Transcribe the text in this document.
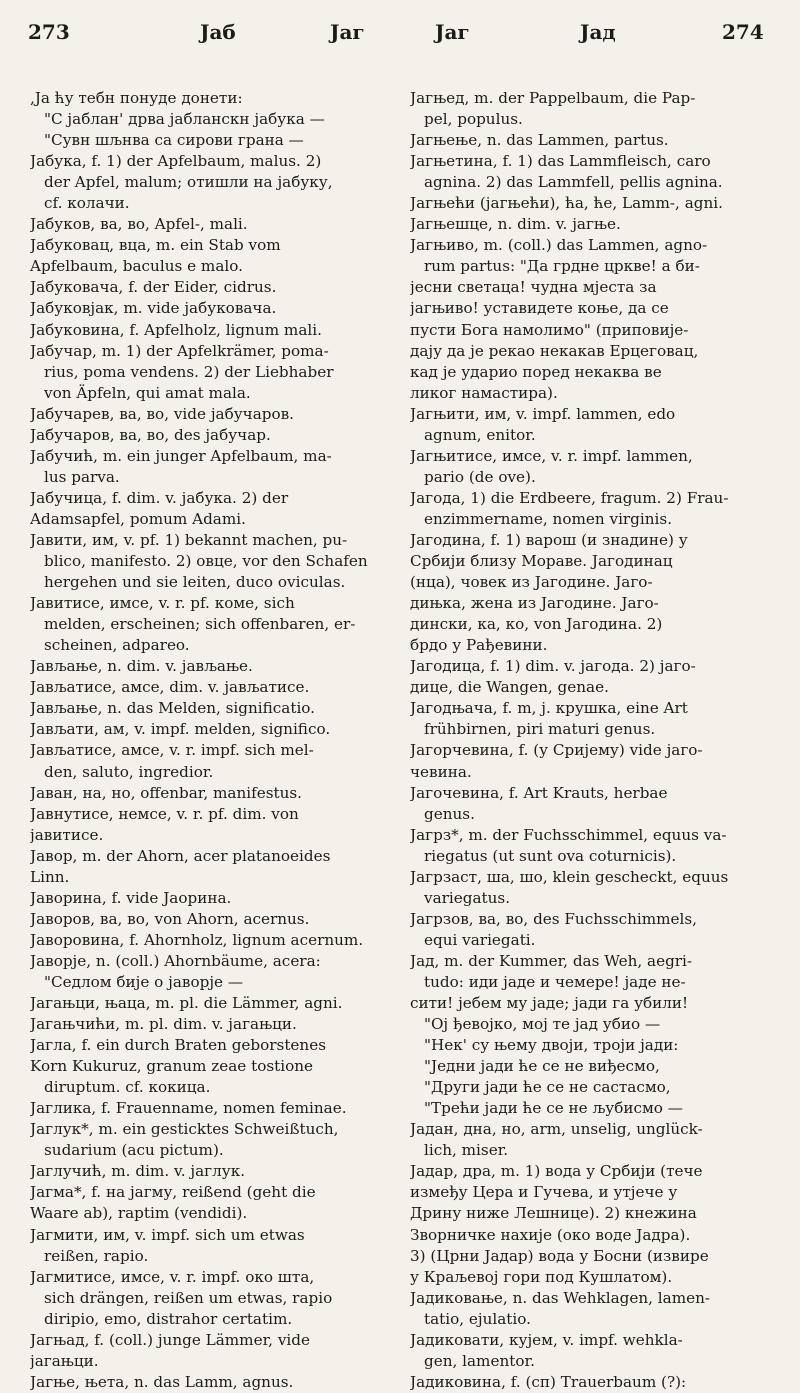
273	Јаб	Јаг	Јаг	Јад	274
,Ја ћу тебн понуде донети:
"С јаблан' дрва јабланскн јабука —
"Сувн шљнва са сирови грана —
Јабука, f. 1) der Apfelbaum, malus. 2)
der Apfel, malum; отишли на јабуку,
cf. колачи.
Јабуков, ва, во, Apfel-, mali.
Јабуковац, вца, m. ein Stab vom
Apfelbaum, baculus e malo.
Јабуковача, f. der Eider, cidrus.
Јабуковјак, m. vide јабуковача.
Јабуковина, f. Apfelholz, lignum mali.
Јабучар, m. 1) der Apfelkrämer, poma-
rius, poma vendens. 2) der Liebhaber
von Äpfeln, qui amat mala.
Јабучарев, ва, во, vide јабучаров.
Јабучаров, ва, во, des јабучар.
Јабучић, m. ein junger Apfelbaum, ma-
lus parva.
Јабучица, f. dim. v. јабука. 2) der
Adamsapfel, pomum Adami.
Јавити, им, v. pf. 1) bekannt machen, pu-
blico, manifesto. 2) овце, vor den Schafen
hergehen und sie leiten, duco oviculas.
Јавитисе, имсе, v. r. pf. коме, sich
melden, erscheinen; sich offenbaren, er-
scheinen, adpareo.
Јављање, n. dim. v. јављање.
Јављатисе, амсе, dim. v. јављатисе.
Јављање, n. das Melden, significatio.
Јављати, ам, v. impf. melden, significo.
Јављатисе, амсе, v. r. impf. sich mel-
den, saluto, ingredior.
Јаван, на, но, offenbar, manifestus.
Јавнутисе, немсе, v. r. pf. dim. von
јавитисе.
Јавор, m. der Ahorn, acer platanoeides
Linn.
Јаворина, f. vide Јаорина.
Јаворов, ва, во, von Ahorn, acernus.
Јаворовина, f. Ahornholz, lignum acernum.
Јаворје, n. (coll.) Ahornbäume, acera:
"Седлом бије о јаворје —
Јагањци, њаца, m. pl. die Lämmer, agni.
Јагањчићи, m. pl. dim. v. јагањци.
Јагла, f. ein durch Braten geborstenes
Korn Kukuruz, granum zeae tostione
diruptum. cf. кокица.
Јаглика, f. Frauenname, nomen feminae.
Јаглук*, m. ein gesticktes Schweißtuch,
sudarium (acu pictum).
Јаглучић, m. dim. v. јаглук.
Јагма*, f. на јагму, reißend (geht die
Waare ab), raptim (vendidi).
Јагмити, им, v. impf. sich um etwas
reißen, rapio.
Јагмитисе, имсе, v. r. impf. око шта,
sich drängen, reißen um etwas, rapio
diripio, emo, distrahor certatim.
Јагњад, f. (coll.) junge Lämmer, vide
јагањци.
Јагње, њета, n. das Lamm, agnus.
Јагњед, m. der Pappelbaum, die Pap-
pel, populus.
Јагњење, n. das Lammen, partus.
Јагњетина, f. 1) das Lammfleisch, caro
agnina. 2) das Lammfell, pellis agnina.
Јагњећи (јагњећи), ћа, ће, Lamm-, agni.
Јагњешце, n. dim. v. јагње.
Јагњиво, m. (coll.) das Lammen, agno-
rum partus: "Да грдне цркве! а би-
јесни светаца! чудна мјеста за
јагњиво! уставидете коње, да се
пусти Бога намолимо" (приповије-
дају да је рекао некакав Ерцеговац,
кад је ударио поред некаква ве
ликог намастира).
Јагњити, им, v. impf. lammen, edo
agnum, enitor.
Јагњитисе, имсе, v. r. impf. lammen,
pario (de ove).
Јагода, 1) die Erdbeere, fragum. 2) Frau-
enzimmername, nomen virginis.
Јагодина, f. 1) варош (и знадине) у
Србији близу Мораве. Јагодинац
(нца), човек из Јагодине. Јаго-
дињка, жена из Јагодине. Јаго-
дински, ка, ко, von Јагодина. 2)
брдо у Рађевини.
Јагодица, f. 1) dim. v. јагода. 2) јаго-
дице, die Wangen, genae.
Јагодњача, f. m, ј. крушка, eine Art
frühbirnen, piri maturi genus.
Јагорчевина, f. (у Сријему) vide јаго-
чевина.
Јагочевина, f. Art Krauts, herbae
genus.
Јагрз*, m. der Fuchsschimmel, equus va-
riegatus (ut sunt ova coturnicis).
Јагрзаст, ша, шо, klein gescheckt, equus
variegatus.
Јагрзов, ва, во, des Fuchsschimmels,
equi variegati.
Јад, m. der Kummer, das Weh, aegri-
tudo: иди јаде и чемере! јаде не-
сити! јебем му јаде; јади га убили!
"Ој ђевојко, мој те јад убио —
"Нек' су њему двоји, троји јади:
"Једни јади ће се не виђесмо,
"Други јади ће се не састасмо,
"Трећи јади ће се не љубисмо —
Јадан, дна, но, arm, unselig, unglück-
lich, miser.
Јадар, дра, m. 1) вода у Србији (тече
између Цера и Гучева, и утјече у
Дрину ниже Лешнице). 2) кнежина
Зворничке нахије (око воде Јадра).
3) (Црни Јадар) вода у Босни (извире
у Краљевој гори под Кушлатом).
Јадиковање, n. das Wehklagen, lamen-
tatio, ejulatio.
Јадиковати, кујем, v. impf. wehkla-
gen, lamentor.
Јадиковина, f. (сп) Trauerbaum (?):
